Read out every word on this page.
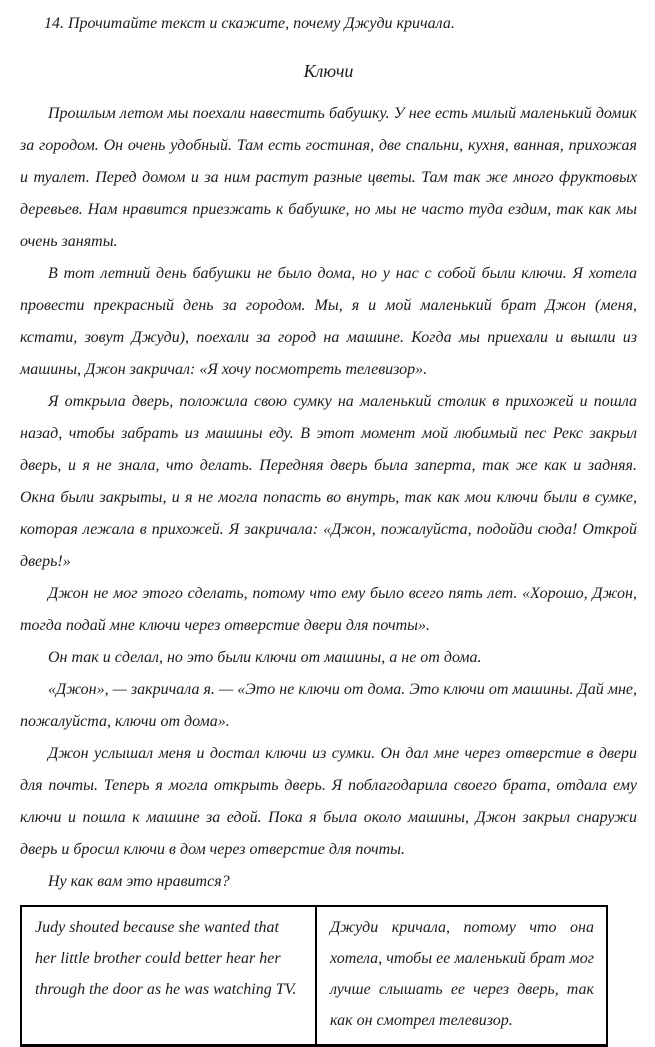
14. Прочитайте текст и скажите, почему Джуди кричала.

Ключи

Прошлым летом мы поехали навестить бабушку. У нее есть милый маленький домик за городом. Он очень удобный. Там есть гостиная, две спальни, кухня, ванная, прихожая и туалет. Перед домом и за ним растут разные цветы. Там так же много фруктовых деревьев. Нам нравится приезжать к бабушке, но мы не часто туда ездим, так как мы очень заняты.

В тот летний день бабушки не было дома, но у нас с собой были ключи. Я хотела провести прекрасный день за городом. Мы, я и мой маленький брат Джон (меня, кстати, зовут Джуди), поехали за город на машине. Когда мы приехали и вышли из машины, Джон закричал: «Я хочу посмотреть телевизор».

Я открыла дверь, положила свою сумку на маленький столик в прихожей и пошла назад, чтобы забрать из машины еду. В этот момент мой любимый пес Рекс закрыл дверь, и я не знала, что делать. Передняя дверь была заперта, так же как и задняя. Окна были закрыты, и я не могла попасть во внутрь, так как мои ключи были в сумке, которая лежала в прихожей. Я закричала: «Джон, пожалуйста, подойди сюда! Открой дверь!»

Джон не мог этого сделать, потому что ему было всего пять лет. «Хорошо, Джон, тогда подай мне ключи через отверстие двери для почты».

Он так и сделал, но это были ключи от машины, а не от дома.

«Джон», — закричала я. — «Это не ключи от дома. Это ключи от машины. Дай мне, пожалуйста, ключи от дома».

Джон услышал меня и достал ключи из сумки. Он дал мне через отверстие в двери для почты. Теперь я могла открыть дверь. Я поблагодарила своего брата, отдала ему ключи и пошла к машине за едой. Пока я была около машины, Джон закрыл снаружи дверь и бросил ключи в дом через отверстие для почты.

Ну как вам это нравится?

Judy shouted because she wanted that her little brother could better hear her through the door as he was watching TV.	Джуди кричала, потому что она хотела, чтобы ее маленький брат мог лучше слышать ее через дверь, так как он смотрел телевизор.
